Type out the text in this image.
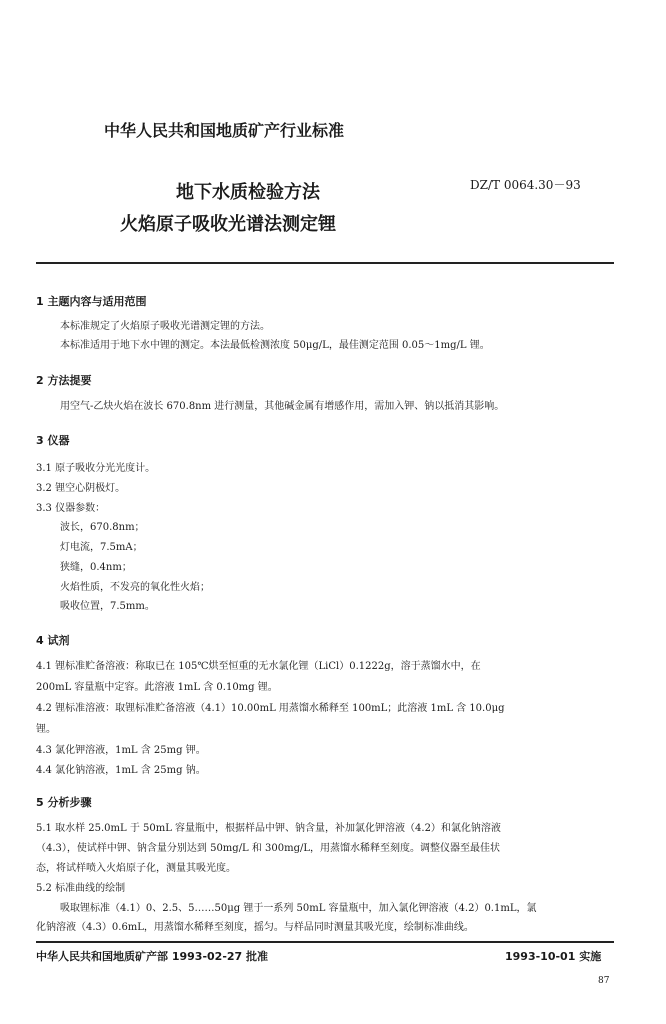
中华人民共和国地质矿产行业标准
地下水质检验方法
火焰原子吸收光谱法测定锂
DZ/T 0064.30－93
1 主题内容与适用范围
本标准规定了火焰原子吸收光谱测定锂的方法。
本标准适用于地下水中锂的测定。本法最低检测浓度 50μg/L，最佳测定范围 0.05～1mg/L 锂。
2 方法提要
用空气-乙炔火焰在波长 670.8nm 进行测量，其他碱金属有增感作用，需加入钾、钠以抵消其影响。
3 仪器
3.1 原子吸收分光光度计。
3.2 锂空心阴极灯。
3.3 仪器参数：
波长，670.8nm；
灯电流，7.5mA；
狭缝，0.4nm；
火焰性质，不发亮的氧化性火焰；
吸收位置，7.5mm。
4 试剂
4.1 锂标准贮备溶液：称取已在 105℃烘至恒重的无水氯化锂（LiCl）0.1222g，溶于蒸馏水中，在
200mL 容量瓶中定容。此溶液 1mL 含 0.10mg 锂。
4.2 锂标准溶液：取锂标准贮备溶液（4.1）10.00mL 用蒸馏水稀释至 100mL；此溶液 1mL 含 10.0μg
锂。
4.3 氯化钾溶液，1mL 含 25mg 钾。
4.4 氯化钠溶液，1mL 含 25mg 钠。
5 分析步骤
5.1 取水样 25.0mL 于 50mL 容量瓶中，根据样品中钾、钠含量，补加氯化钾溶液（4.2）和氯化钠溶液
（4.3），使试样中钾、钠含量分别达到 50mg/L 和 300mg/L，用蒸馏水稀释至刻度。调整仪器至最佳状
态，将试样喷入火焰原子化，测量其吸光度。
5.2 标准曲线的绘制
吸取锂标准（4.1）0、2.5、5……50μg 锂于一系列 50mL 容量瓶中，加入氯化钾溶液（4.2）0.1mL，氯
化钠溶液（4.3）0.6mL，用蒸馏水稀释至刻度，摇匀。与样品同时测量其吸光度，绘制标准曲线。
中华人民共和国地质矿产部 1993-02-27 批准	1993-10-01 实施
87
